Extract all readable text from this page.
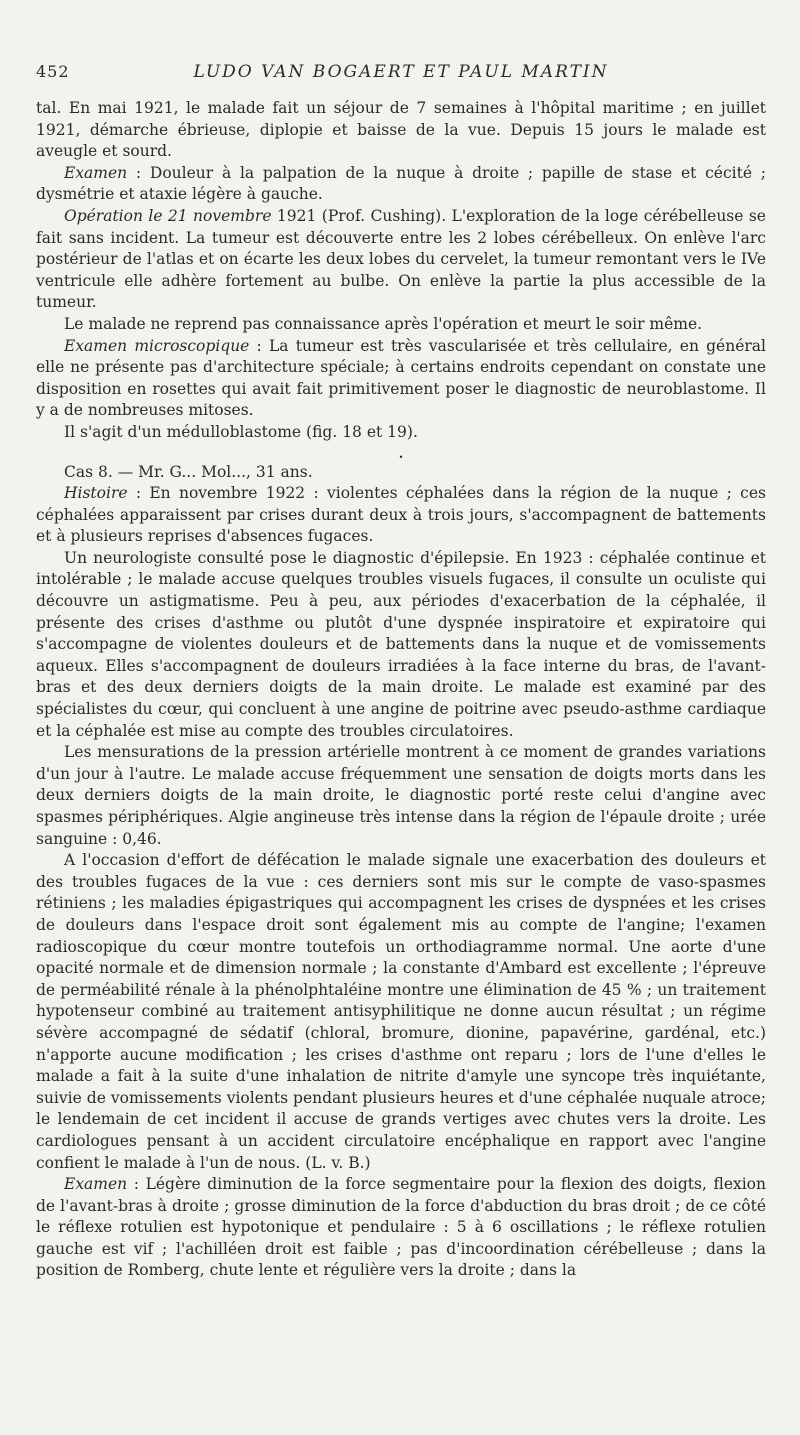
452	LUDO VAN BOGAERT ET PAUL MARTIN

tal. En mai 1921, le malade fait un séjour de 7 semaines à l'hôpital maritime ; en juillet 1921, démarche ébrieuse, diplopie et baisse de la vue. Depuis 15 jours le malade est aveugle et sourd.

Examen : Douleur à la palpation de la nuque à droite ; papille de stase et cécité ; dysmétrie et ataxie légère à gauche.

Opération le 21 novembre 1921 (Prof. Cushing). L'exploration de la loge cérébelleuse se fait sans incident. La tumeur est découverte entre les 2 lobes cérébelleux. On enlève l'arc postérieur de l'atlas et on écarte les deux lobes du cervelet, la tumeur remontant vers le IVe ventricule elle adhère fortement au bulbe. On enlève la partie la plus accessible de la tumeur.

Le malade ne reprend pas connaissance après l'opération et meurt le soir même.

Examen microscopique : La tumeur est très vascularisée et très cellulaire, en général elle ne présente pas d'architecture spéciale; à certains endroits cependant on constate une disposition en rosettes qui avait fait primitivement poser le diagnostic de neuroblastome. Il y a de nombreuses mitoses.

Il s'agit d'un médulloblastome (fig. 18 et 19).

•

Cas 8. — Mr. G... Mol..., 31 ans.

Histoire : En novembre 1922 : violentes céphalées dans la région de la nuque ; ces céphalées apparaissent par crises durant deux à trois jours, s'accompagnent de battements et à plusieurs reprises d'absences fugaces.

Un neurologiste consulté pose le diagnostic d'épilepsie. En 1923 : céphalée continue et intolérable ; le malade accuse quelques troubles visuels fugaces, il consulte un oculiste qui découvre un astigmatisme. Peu à peu, aux périodes d'exacerbation de la céphalée, il présente des crises d'asthme ou plutôt d'une dyspnée inspiratoire et expiratoire qui s'accompagne de violentes douleurs et de battements dans la nuque et de vomissements aqueux. Elles s'accompagnent de douleurs irradiées à la face interne du bras, de l'avant-bras et des deux derniers doigts de la main droite. Le malade est examiné par des spécialistes du cœur, qui concluent à une angine de poitrine avec pseudo-asthme cardiaque et la céphalée est mise au compte des troubles circulatoires.

Les mensurations de la pression artérielle montrent à ce moment de grandes variations d'un jour à l'autre. Le malade accuse fréquemment une sensation de doigts morts dans les deux derniers doigts de la main droite, le diagnostic porté reste celui d'angine avec spasmes périphériques. Algie angineuse très intense dans la région de l'épaule droite ; urée sanguine : 0,46.

A l'occasion d'effort de défécation le malade signale une exacerbation des douleurs et des troubles fugaces de la vue : ces derniers sont mis sur le compte de vaso-spasmes rétiniens ; les maladies épigastriques qui accompagnent les crises de dyspnées et les crises de douleurs dans l'espace droit sont également mis au compte de l'angine; l'examen radioscopique du cœur montre toutefois un orthodiagramme normal. Une aorte d'une opacité normale et de dimension normale ; la constante d'Ambard est excellente ; l'épreuve de perméabilité rénale à la phénolphtaléine montre une élimination de 45 % ; un traitement hypotenseur combiné au traitement antisyphilitique ne donne aucun résultat ; un régime sévère accompagné de sédatif (chloral, bromure, dionine, papavérine, gardénal, etc.) n'apporte aucune modification ; les crises d'asthme ont reparu ; lors de l'une d'elles le malade a fait à la suite d'une inhalation de nitrite d'amyle une syncope très inquiétante, suivie de vomissements violents pendant plusieurs heures et d'une céphalée nuquale atroce; le lendemain de cet incident il accuse de grands vertiges avec chutes vers la droite. Les cardiologues pensant à un accident circulatoire encéphalique en rapport avec l'angine confient le malade à l'un de nous. (L. v. B.)

Examen : Légère diminution de la force segmentaire pour la flexion des doigts, flexion de l'avant-bras à droite ; grosse diminution de la force d'abduction du bras droit ; de ce côté le réflexe rotulien est hypotonique et pendulaire : 5 à 6 oscillations ; le réflexe rotulien gauche est vif ; l'achilléen droit est faible ; pas d'incoordination cérébelleuse ; dans la position de Romberg, chute lente et régulière vers la droite ; dans la
